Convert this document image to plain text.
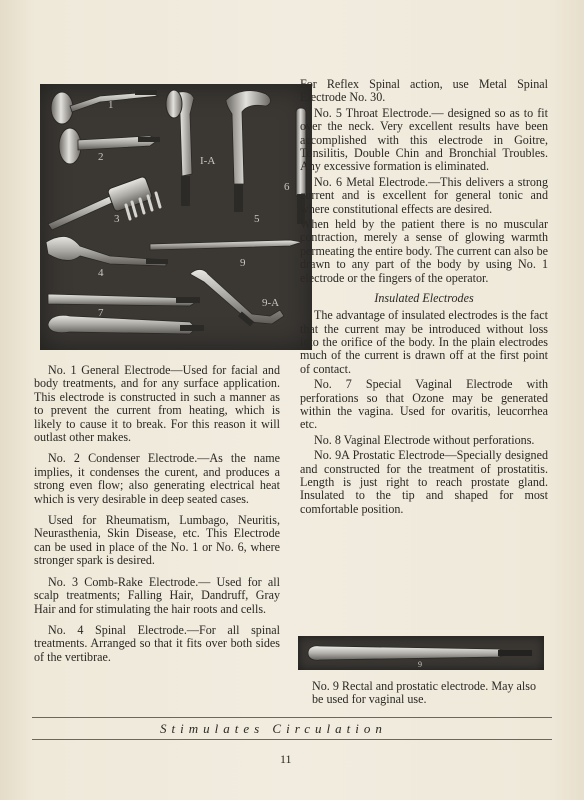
1
2
3
4
5
6
7
9
I-A
9-A

No. 1 General Electrode—Used for facial and body treatments, and for any surface application. This electrode is constructed in such a manner as to prevent the current from heating, which is likely to cause it to break. For this reason it will outlast other makes.

No. 2 Condenser Electrode.—As the name implies, it condenses the curent, and produces a strong even flow; also generating electrical heat which is very desirable in deep seated cases.

Used for Rheumatism, Lumbago, Neuritis, Neurasthenia, Skin Disease, etc. This Electrode can be used in place of the No. 1 or No. 6, where stronger spark is desired.

No. 3 Comb-Rake Electrode.— Used for all scalp treatments; Falling Hair, Dandruff, Gray Hair and for stimulating the hair roots and cells.

No. 4 Spinal Electrode.—For all spinal treatments. Arranged so that it fits over both sides of the vertibrae.

For Reflex Spinal action, use Metal Spinal Electrode No. 30.

No. 5 Throat Electrode.— designed so as to fit over the neck. Very excellent results have been accomplished with this electrode in Goitre, Tonsilitis, Double Chin and Bronchial Troubles. Any excessive formation is eliminated.

No. 6 Metal Electrode.—This delivers a strong current and is excellent for general tonic and where constitutional effects are desired.

When held by the patient there is no muscular contraction, merely a sense of glowing warmth permeating the entire body. The current can also be drawn to any part of the body by using No. 1 electrode or the fingers of the operator.

Insulated Electrodes

The advantage of insulated electrodes is the fact that the current may be introduced without loss into the orifice of the body. In the plain electrodes much of the current is drawn off at the first point of contact.

No. 7 Special Vaginal Electrode with perforations so that Ozone may be generated within the vagina. Used for ovaritis, leucorrhea etc.

No. 8 Vaginal Electrode without perforations.

No. 9A Prostatic Electrode—Specially designed and constructed for the treatment of prostatitis. Length is just right to reach prostate gland. Insulated to the tip and shaped for most comfortable position.

9
No. 9 Rectal and prostatic electrode. May also be used for vaginal use.
Stimulates Circulation
11
